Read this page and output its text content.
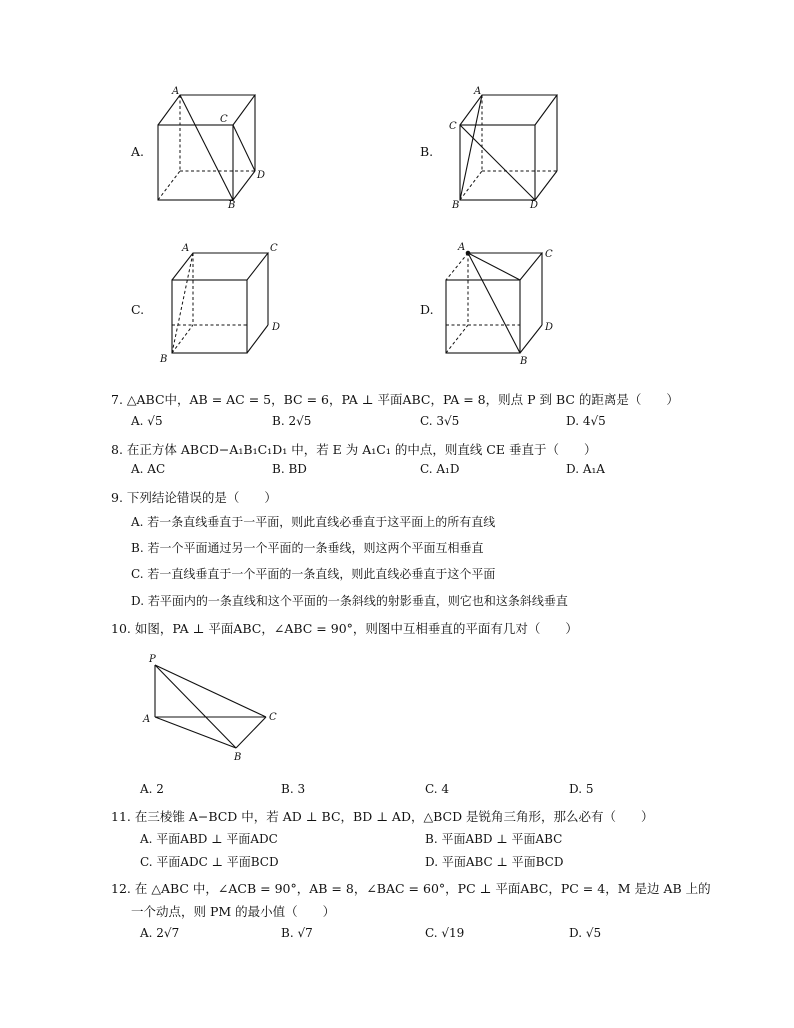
A.
A
C
D
B
B.
A
C
B	D
C.
A	C
D
B
D.
A
C
D
B
7. △ABC中，AB = AC = 5，BC = 6，PA ⊥ 平面ABC，PA = 8，则点 P 到 BC 的距离是（　　）
A. √5	B. 2√5	C. 3√5	D. 4√5
8. 在正方体 ABCD−A₁B₁C₁D₁ 中，若 E 为 A₁C₁ 的中点，则直线 CE 垂直于（　　）
A. AC	B. BD	C. A₁D	D. A₁A
9. 下列结论错误的是（　　）
A. 若一条直线垂直于一平面，则此直线必垂直于这平面上的所有直线
B. 若一个平面通过另一个平面的一条垂线，则这两个平面互相垂直
C. 若一直线垂直于一个平面的一条直线，则此直线必垂直于这个平面
D. 若平面内的一条直线和这个平面的一条斜线的射影垂直，则它也和这条斜线垂直
10. 如图，PA ⊥ 平面ABC，∠ABC = 90°，则图中互相垂直的平面有几对（　　）
P
A	C
B
A. 2	B. 3	C. 4	D. 5
11. 在三棱锥 A−BCD 中，若 AD ⊥ BC，BD ⊥ AD，△BCD 是锐角三角形，那么必有（　　）
A. 平面ABD ⊥ 平面ADC	B. 平面ABD ⊥ 平面ABC
C. 平面ADC ⊥ 平面BCD	D. 平面ABC ⊥ 平面BCD
12. 在 △ABC 中，∠ACB = 90°，AB = 8，∠BAC = 60°，PC ⊥ 平面ABC，PC = 4，M 是边 AB 上的
一个动点，则 PM 的最小值（　　）
A. 2√7	B. √7	C. √19	D. √5
